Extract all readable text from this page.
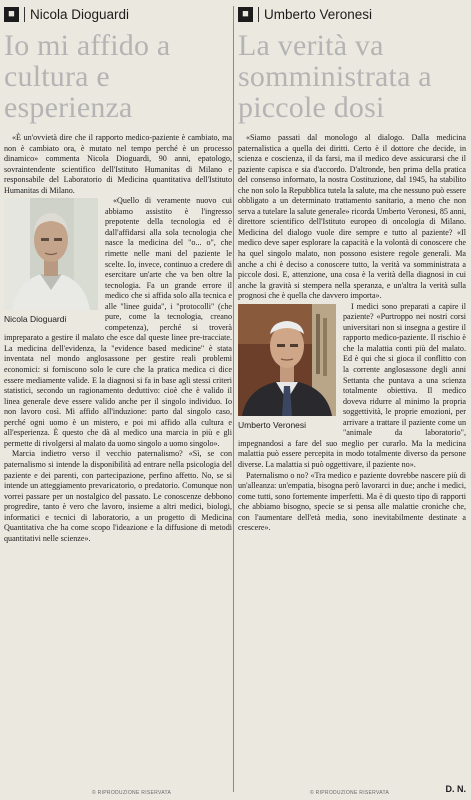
■	Nicola Dioguardi
Io mi affido a cultura e esperienza

«È un'ovvietà dire che il rapporto medico-paziente è cambiato, ma non è cambiato ora, è mutato nel tempo perché è un processo dinamico» commenta Nicola Dioguardi, 90 anni, epatologo, sovraintendente scientifico dell'Istituto Humanitas di Milano e responsabile del Laboratorio di Medicina quantitativa dell'Istituto Humanitas di Milano.

Nicola Dioguardi

«Quello di veramente nuovo cui abbiamo assistito è l'ingresso prepotente della tecnologia ed è dall'affidarsi alla sola tecnologia che nasce la medicina del "o... o", che rimette nelle mani del paziente le scelte. Io, invece, continuo a credere di esercitare un'arte che va ben oltre la tecnologia. Fa un grande errore il medico che si affida solo alla tecnica e alle "linee guida", i "protocolli" (che pure, come la tecnologia, creano competenza), perché si troverà impreparato a gestire il malato che esce dal queste linee pre-tracciate. La medicina dell'evidenza, la "evidence based medicine" è stata inventata nel mondo anglosassone per gestire reali problemi economici: si forniscono solo le cure che la pratica medica ci dice essere mediamente valide. E la diagnosi si fa in base agli stessi criteri statistici, secondo un ragionamento deduttivo: cioè che è valido il linea generale deve essere valido anche per il singolo individuo. Io non lavoro così. Mi affido all'induzione: parto dal singolo caso, perché ogni uomo è un mistero, e poi mi affido alla cultura e all'esperienza. È questo che dà al medico una marcia in più e gli permette di rivolgersi al malato da uomo singolo a uomo singolo».

Marcia indietro verso il vecchio paternalismo? «Sì, se con paternalismo si intende la disponibilità ad entrare nella psicologia del paziente e dei parenti, con partecipazione, perfino affetto. No, se si intende un atteggiamento prevaricatorio, o predatorio. Comunque non vorrei passare per un nostalgico del passato. Le conoscenze debbono progredire, tanto è vero che lavoro, insieme a altri medici, biologi, informatici e tecnici di laboratorio, a un progetto di Medicina Quantitativa che ha come scopo l'ideazione e la diffusione di metodi quantitativi nelle scienze».

© RIPRODUZIONE RISERVATA
■	Umberto Veronesi
La verità va somministrata a piccole dosi

«Siamo passati dal monologo al dialogo. Dalla medicina paternalistica a quella dei diritti. Certo è il dottore che decide, in scienza e coscienza, il da farsi, ma il medico deve assicurarsi che il paziente capisca e sia d'accordo. D'altronde, ben prima della pratica del consenso informato, la nostra Costituzione, dal 1945, ha stabilito che non solo la Repubblica tutela la salute, ma che nessuno può essere obbligato a un determinato trattamento sanitario, a meno che non serva a tutelare la salute generale» ricorda Umberto Veronesi, 85 anni, direttore scientifico dell'Istituto europeo di oncologia di Milano. Medicina del dialogo vuole dire sempre e tutto al paziente? «Il medico deve saper esplorare la capacità e la volontà di conoscere che ha quel singolo malato, non possono esistere regole generali. Ma anche a chi è deciso a conoscere tutto, la verità va somministrata a piccole dosi. E, attenzione, una cosa è la verità della diagnosi in cui anche la gravità si stempera nella speranza, e un'altra la verità sulla prognosi che è quella che davvero importa».

Umberto Veronesi

I medici sono preparati a capire il paziente? «Purtroppo nei nostri corsi universitari non si insegna a gestire il rapporto medico-paziente. Il rischio è che la malattia conti più del malato. Ed è qui che si gioca il conflitto con la corrente anglosassone degli anni Settanta che puntava a una scienza totalmente obiettiva. Il medico doveva ridurre al minimo la propria soggettività, le proprie emozioni, per arrivare a trattare il paziente come un "animale da laboratorio", impegnandosi a fare del suo meglio per curarlo. Ma la medicina malattia può essere percepita in modo totalmente diverso da persone diverse. La malattia si può oggettivare, il paziente no».

Paternalismo o no? «Tra medico e paziente dovrebbe nascere più di un'alleanza: un'empatia, bisogna però lavorarci in due; anche i medici, come tutti, sono fortemente imperfetti. Ma è di questo tipo di rapporti che abbiamo bisogno, specie se si pensa alle malattie croniche che, con l'aumentare dell'età media, sono inevitabilmente destinate a crescere».

© RIPRODUZIONE RISERVATA	D. N.
